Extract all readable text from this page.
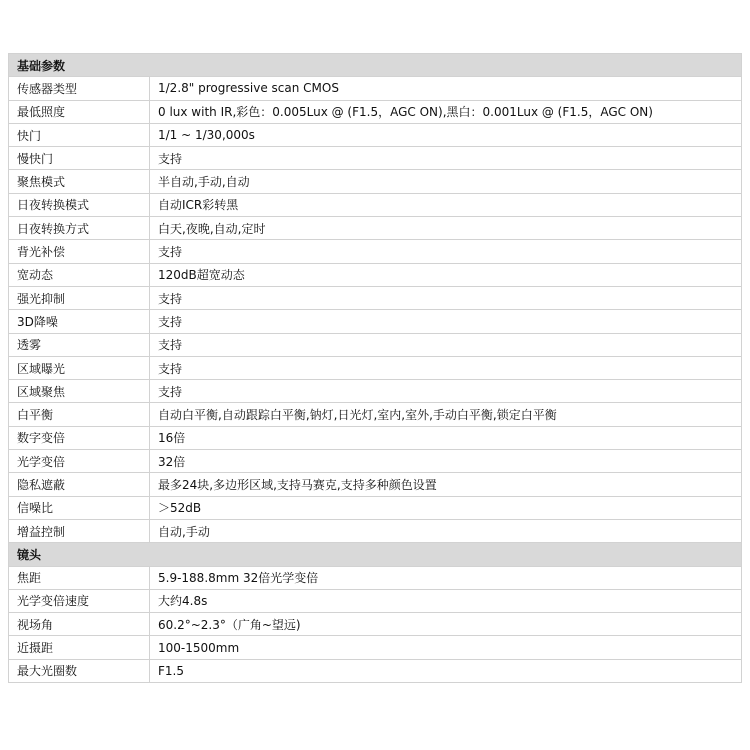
基础参数	
传感器类型	1/2.8" progressive scan CMOS
最低照度	0 lux with IR,彩色：0.005Lux @ (F1.5，AGC ON),黑白：0.001Lux @ (F1.5，AGC ON)
快门	1/1 ~ 1/30,000s
慢快门	支持
聚焦模式	半自动,手动,自动
日夜转换模式	自动ICR彩转黑
日夜转换方式	白天,夜晚,自动,定时
背光补偿	支持
宽动态	120dB超宽动态
强光抑制	支持
3D降噪	支持
透雾	支持
区域曝光	支持
区域聚焦	支持
白平衡	自动白平衡,自动跟踪白平衡,钠灯,日光灯,室内,室外,手动白平衡,锁定白平衡
数字变倍	16倍
光学变倍	32倍
隐私遮蔽	最多24块,多边形区域,支持马赛克,支持多种颜色设置
信噪比	＞52dB
增益控制	自动,手动
镜头	
焦距	5.9-188.8mm 32倍光学变倍
光学变倍速度	大约4.8s
视场角	60.2°~2.3°（广角~望远)
近摄距	100-1500mm
最大光圈数	F1.5
